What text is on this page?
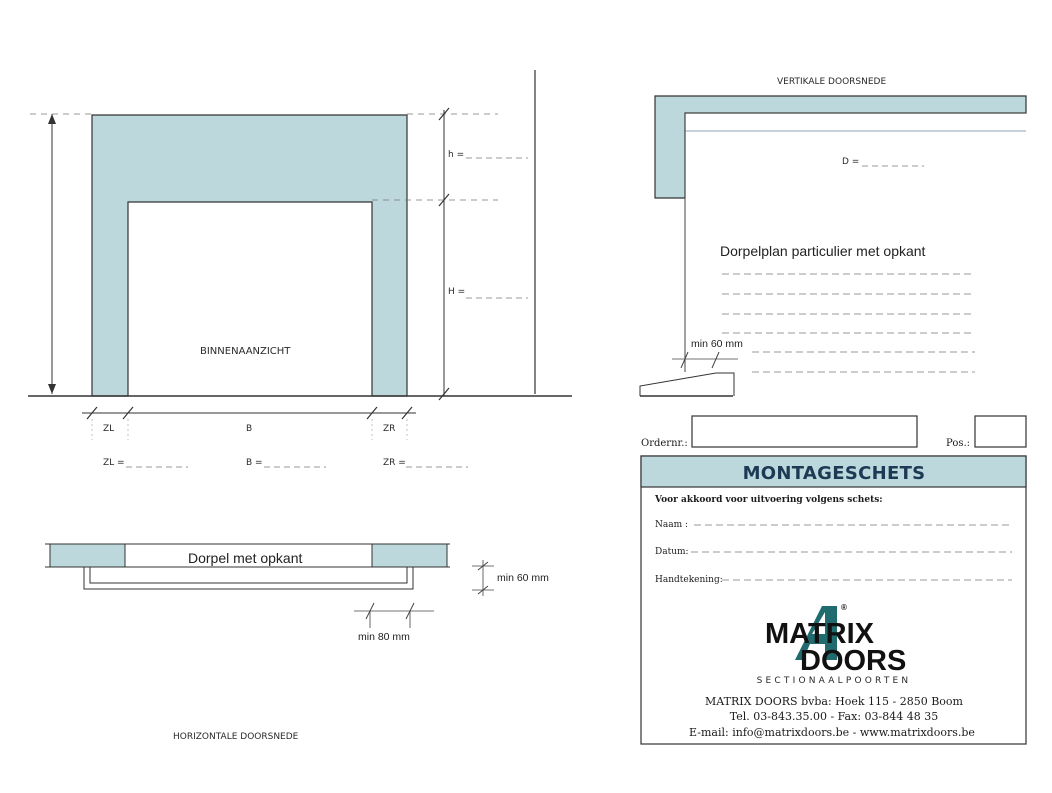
h =
H =
BINNENAANZICHT
ZL	B	ZR
ZL =	B =	ZR =
Dorpel met opkant
min 60 mm
min 80 mm
HORIZONTALE DOORSNEDE
VERTIKALE DOORSNEDE
D =
Dorpelplan particulier met opkant
min 60 mm
Ordernr.:	Pos.:
MONTAGESCHETS
Voor akkoord voor uitvoering volgens schets:
Naam :
Datum:
Handtekening:
MATRIX
®
DOORS
SECTIONAALPOORTEN
MATRIX DOORS bvba: Hoek 115 - 2850 Boom
Tel. 03-843.35.00 - Fax: 03-844 48 35
E-mail: info@matrixdoors.be - www.matrixdoors.be
